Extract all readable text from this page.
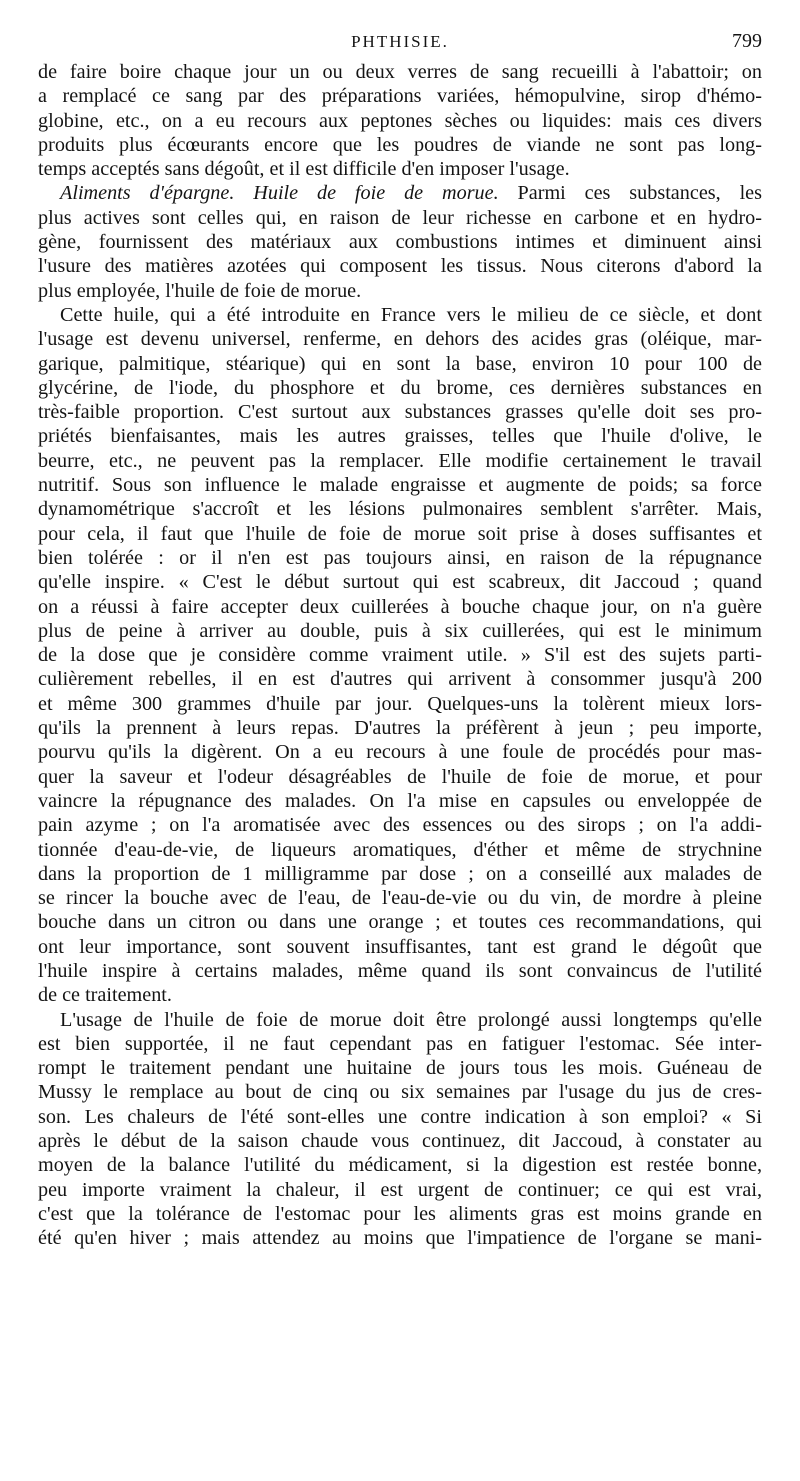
PHTHISIE.	799
de faire boire chaque jour un ou deux verres de sang recueilli à l'abattoir; on
a remplacé ce sang par des préparations variées, hémopulvine, sirop d'hémo-
globine, etc., on a eu recours aux peptones sèches ou liquides: mais ces divers
produits plus écœurants encore que les poudres de viande ne sont pas long-
temps acceptés sans dégoût, et il est difficile d'en imposer l'usage.
Aliments d'épargne. Huile de foie de morue. Parmi ces substances, les
plus actives sont celles qui, en raison de leur richesse en carbone et en hydro-
gène, fournissent des matériaux aux combustions intimes et diminuent ainsi
l'usure des matières azotées qui composent les tissus. Nous citerons d'abord la
plus employée, l'huile de foie de morue.
Cette huile, qui a été introduite en France vers le milieu de ce siècle, et dont
l'usage est devenu universel, renferme, en dehors des acides gras (oléique, mar-
garique, palmitique, stéarique) qui en sont la base, environ 10 pour 100 de
glycérine, de l'iode, du phosphore et du brome, ces dernières substances en
très-faible proportion. C'est surtout aux substances grasses qu'elle doit ses pro-
priétés bienfaisantes, mais les autres graisses, telles que l'huile d'olive, le
beurre, etc., ne peuvent pas la remplacer. Elle modifie certainement le travail
nutritif. Sous son influence le malade engraisse et augmente de poids; sa force
dynamométrique s'accroît et les lésions pulmonaires semblent s'arrêter. Mais,
pour cela, il faut que l'huile de foie de morue soit prise à doses suffisantes et
bien tolérée : or il n'en est pas toujours ainsi, en raison de la répugnance
qu'elle inspire. « C'est le début surtout qui est scabreux, dit Jaccoud ; quand
on a réussi à faire accepter deux cuillerées à bouche chaque jour, on n'a guère
plus de peine à arriver au double, puis à six cuillerées, qui est le minimum
de la dose que je considère comme vraiment utile. » S'il est des sujets parti-
culièrement rebelles, il en est d'autres qui arrivent à consommer jusqu'à 200
et même 300 grammes d'huile par jour. Quelques-uns la tolèrent mieux lors-
qu'ils la prennent à leurs repas. D'autres la préfèrent à jeun ; peu importe,
pourvu qu'ils la digèrent. On a eu recours à une foule de procédés pour mas-
quer la saveur et l'odeur désagréables de l'huile de foie de morue, et pour
vaincre la répugnance des malades. On l'a mise en capsules ou enveloppée de
pain azyme ; on l'a aromatisée avec des essences ou des sirops ; on l'a addi-
tionnée d'eau-de-vie, de liqueurs aromatiques, d'éther et même de strychnine
dans la proportion de 1 milligramme par dose ; on a conseillé aux malades de
se rincer la bouche avec de l'eau, de l'eau-de-vie ou du vin, de mordre à pleine
bouche dans un citron ou dans une orange ; et toutes ces recommandations, qui
ont leur importance, sont souvent insuffisantes, tant est grand le dégoût que
l'huile inspire à certains malades, même quand ils sont convaincus de l'utilité
de ce traitement.
L'usage de l'huile de foie de morue doit être prolongé aussi longtemps qu'elle
est bien supportée, il ne faut cependant pas en fatiguer l'estomac. Sée inter-
rompt le traitement pendant une huitaine de jours tous les mois. Guéneau de
Mussy le remplace au bout de cinq ou six semaines par l'usage du jus de cres-
son. Les chaleurs de l'été sont-elles une contre indication à son emploi? « Si
après le début de la saison chaude vous continuez, dit Jaccoud, à constater au
moyen de la balance l'utilité du médicament, si la digestion est restée bonne,
peu importe vraiment la chaleur, il est urgent de continuer; ce qui est vrai,
c'est que la tolérance de l'estomac pour les aliments gras est moins grande en
été qu'en hiver ; mais attendez au moins que l'impatience de l'organe se mani-
